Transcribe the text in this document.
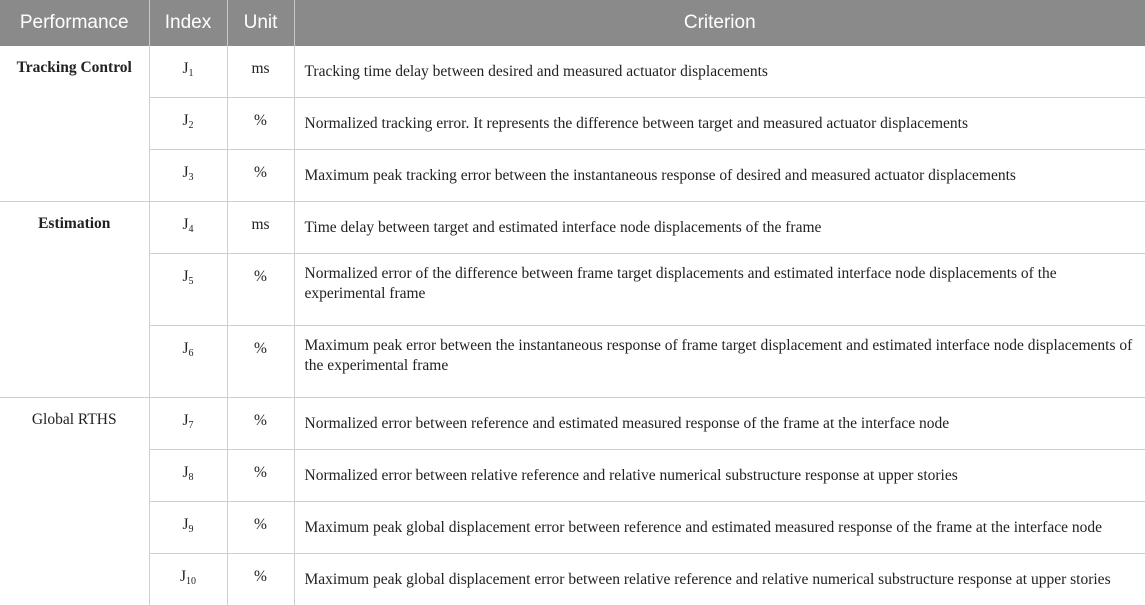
Performance	Index	Unit	Criterion
Tracking Control	$J_1$	ms	Tracking time delay between desired and measured actuator displacements
	$J_2$	%	Normalized tracking error. It represents the difference between target and measured actuator displacements
	$J_3$	%	Maximum peak tracking error between the instantaneous response of desired and measured actuator displacements
Estimation	$J_4$	ms	Time delay between target and estimated interface node displacements of the frame
	$J_5$	%	Normalized error of the difference between frame target displacements and estimated interface node displacements of the experimental frame
	$J_6$	%	Maximum peak error between the instantaneous response of frame target displacement and estimated interface node displacements of the experimental frame
Global RTHS	$J_7$	%	Normalized error between reference and estimated measured response of the frame at the interface node
	$J_8$	%	Normalized error between relative reference and relative numerical substructure response at upper stories
	$J_9$	%	Maximum peak global displacement error between reference and estimated measured response of the frame at the interface node
	$J_{10}$	%	Maximum peak global displacement error between relative reference and relative numerical substructure response at upper stories
